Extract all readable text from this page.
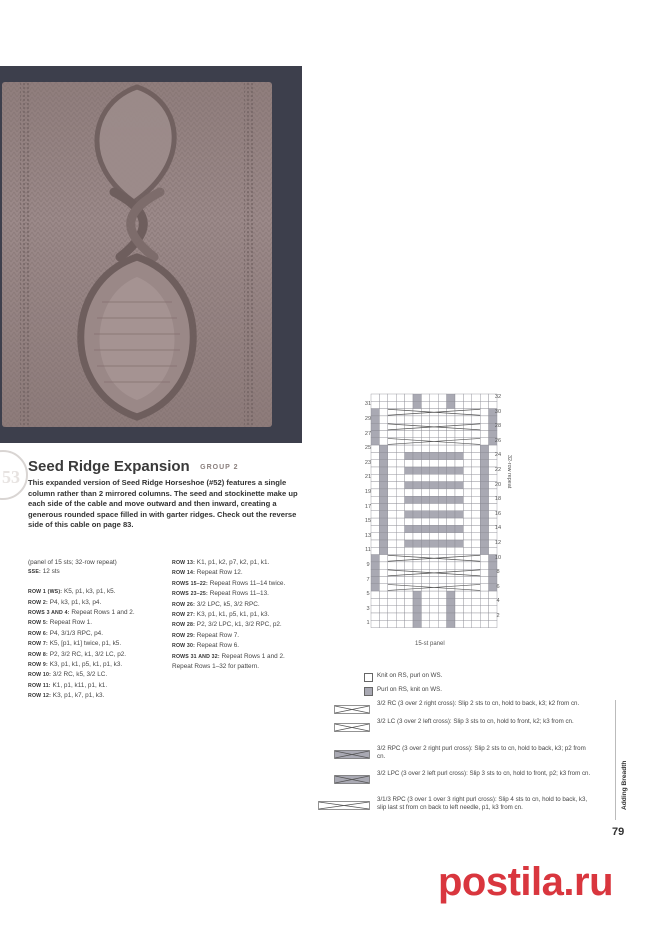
53
Seed Ridge Expansion GROUP 2
This expanded version of Seed Ridge Horseshoe (#52) features a single column rather than 2 mirrored columns. The seed and stockinette make up each side of the cable and move outward and then inward, creating a generous rounded space filled in with garter ridges. Check out the reverse side of this cable on page 83.
(panel of 15 sts; 32-row repeat)
SSE: 12 sts

ROW 1 (WS): K5, p1, k3, p1, k5.
ROW 2: P4, k3, p1, k3, p4.
ROWS 3 AND 4: Repeat Rows 1 and 2.
ROW 5: Repeat Row 1.
ROW 6: P4, 3/1/3 RPC, p4.
ROW 7: K5, [p1, k1] twice, p1, k5.
ROW 8: P2, 3/2 RC, k1, 3/2 LC, p2.
ROW 9: K3, p1, k1, p5, k1, p1, k3.
ROW 10: 3/2 RC, k5, 3/2 LC.
ROW 11: K1, p1, k11, p1, k1.
ROW 12: K3, p1, k7, p1, k3.
ROW 13: K1, p1, k2, p7, k2, p1, k1.
ROW 14: Repeat Row 12.
ROWS 15–22: Repeat Rows 11–14 twice.
ROWS 23–25: Repeat Rows 11–13.
ROW 26: 3/2 LPC, k5, 3/2 RPC.
ROW 27: K3, p1, k1, p5, k1, p1, k3.
ROW 28: P2, 3/2 LPC, k1, 3/2 RPC, p2.
ROW 29: Repeat Row 7.
ROW 30: Repeat Row 6.
ROWS 31 AND 32: Repeat Rows 1 and 2.
Repeat Rows 1–32 for pattern.
31
29
27
25
23
21
19
17
15
13
11
9
7
5
3
1
32
30
28
26
24
22
20
18
16
14
12
10
8
6
4
2
15-st panel
32-row repeat
Knit on RS, purl on WS.
Purl on RS, knit on WS.
3/2 RC (3 over 2 right cross): Slip 2 sts to cn, hold to back, k3; k2 from cn.
3/2 LC (3 over 2 left cross): Slip 3 sts to cn, hold to front, k2; k3 from cn.
3/2 RPC (3 over 2 right purl cross): Slip 2 sts to cn, hold to back, k3; p2 from cn.
3/2 LPC (3 over 2 left purl cross): Slip 3 sts to cn, hold to front, p2; k3 from cn.
3/1/3 RPC (3 over 1 over 3 right purl cross): Slip 4 sts to cn, hold to back, k3, slip last st from cn back to left needle, p1, k3 from cn.	Adding Breadth
79
postila.ru
